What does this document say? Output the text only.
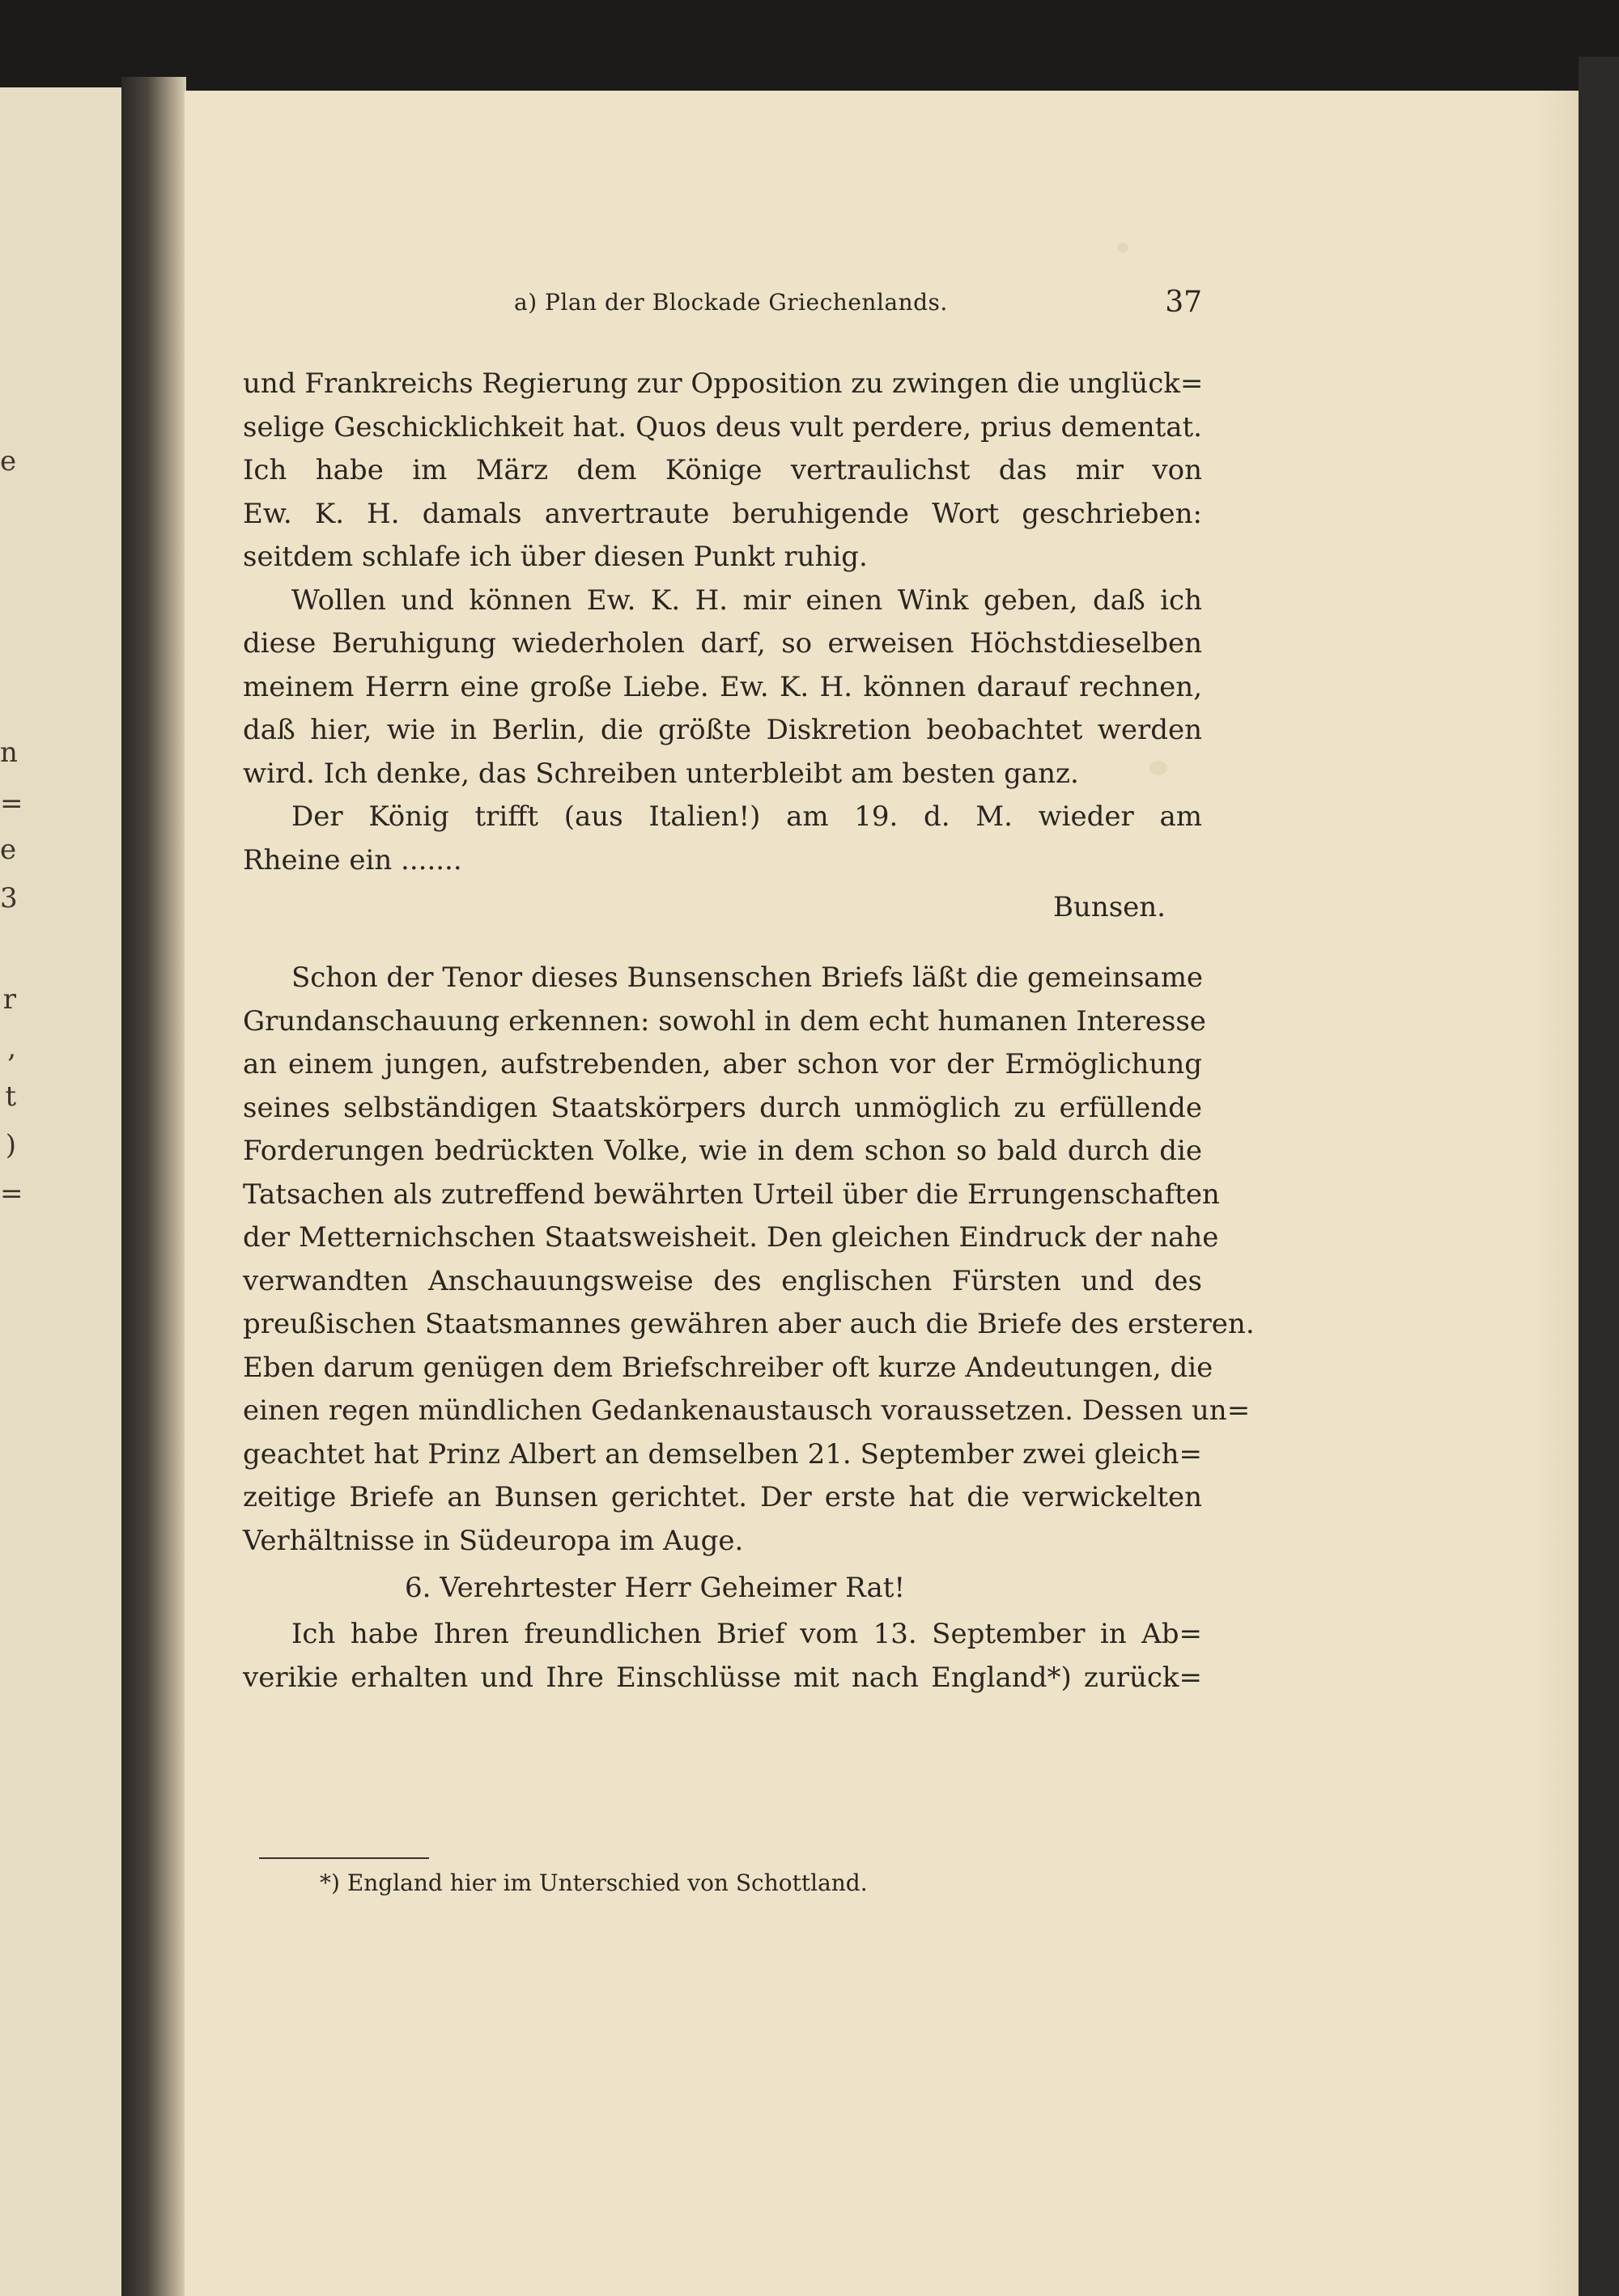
e
n
=
e
3
r
,
t
)
=
a) Plan der Blockade Griechenlands.	37
und Frankreichs Regierung zur Opposition zu zwingen die unglück=
selige Geschicklichkeit hat. Quos deus vult perdere, prius dementat.
Ich habe im März dem Könige vertraulichst das mir von
Ew. K. H. damals anvertraute beruhigende Wort geschrieben:
seitdem schlafe ich über diesen Punkt ruhig.
Wollen und können Ew. K. H. mir einen Wink geben, daß ich
diese Beruhigung wiederholen darf, so erweisen Höchstdieselben
meinem Herrn eine große Liebe. Ew. K. H. können darauf rechnen,
daß hier, wie in Berlin, die größte Diskretion beobachtet werden
wird. Ich denke, das Schreiben unterbleibt am besten ganz.
Der König trifft (aus Italien!) am 19. d. M. wieder am
Rheine ein .......
Bunsen.
Schon der Tenor dieses Bunsenschen Briefs läßt die gemeinsame
Grundanschauung erkennen: sowohl in dem echt humanen Interesse
an einem jungen, aufstrebenden, aber schon vor der Ermöglichung
seines selbständigen Staatskörpers durch unmöglich zu erfüllende
Forderungen bedrückten Volke, wie in dem schon so bald durch die
Tatsachen als zutreffend bewährten Urteil über die Errungenschaften
der Metternichschen Staatsweisheit. Den gleichen Eindruck der nahe
verwandten Anschauungsweise des englischen Fürsten und des
preußischen Staatsmannes gewähren aber auch die Briefe des ersteren.
Eben darum genügen dem Briefschreiber oft kurze Andeutungen, die
einen regen mündlichen Gedankenaustausch voraussetzen. Dessen un=
geachtet hat Prinz Albert an demselben 21. September zwei gleich=
zeitige Briefe an Bunsen gerichtet. Der erste hat die verwickelten
Verhältnisse in Südeuropa im Auge.
6. Verehrtester Herr Geheimer Rat!
Ich habe Ihren freundlichen Brief vom 13. September in Ab=
verikie erhalten und Ihre Einschlüsse mit nach England*) zurück=
*) England hier im Unterschied von Schottland.
